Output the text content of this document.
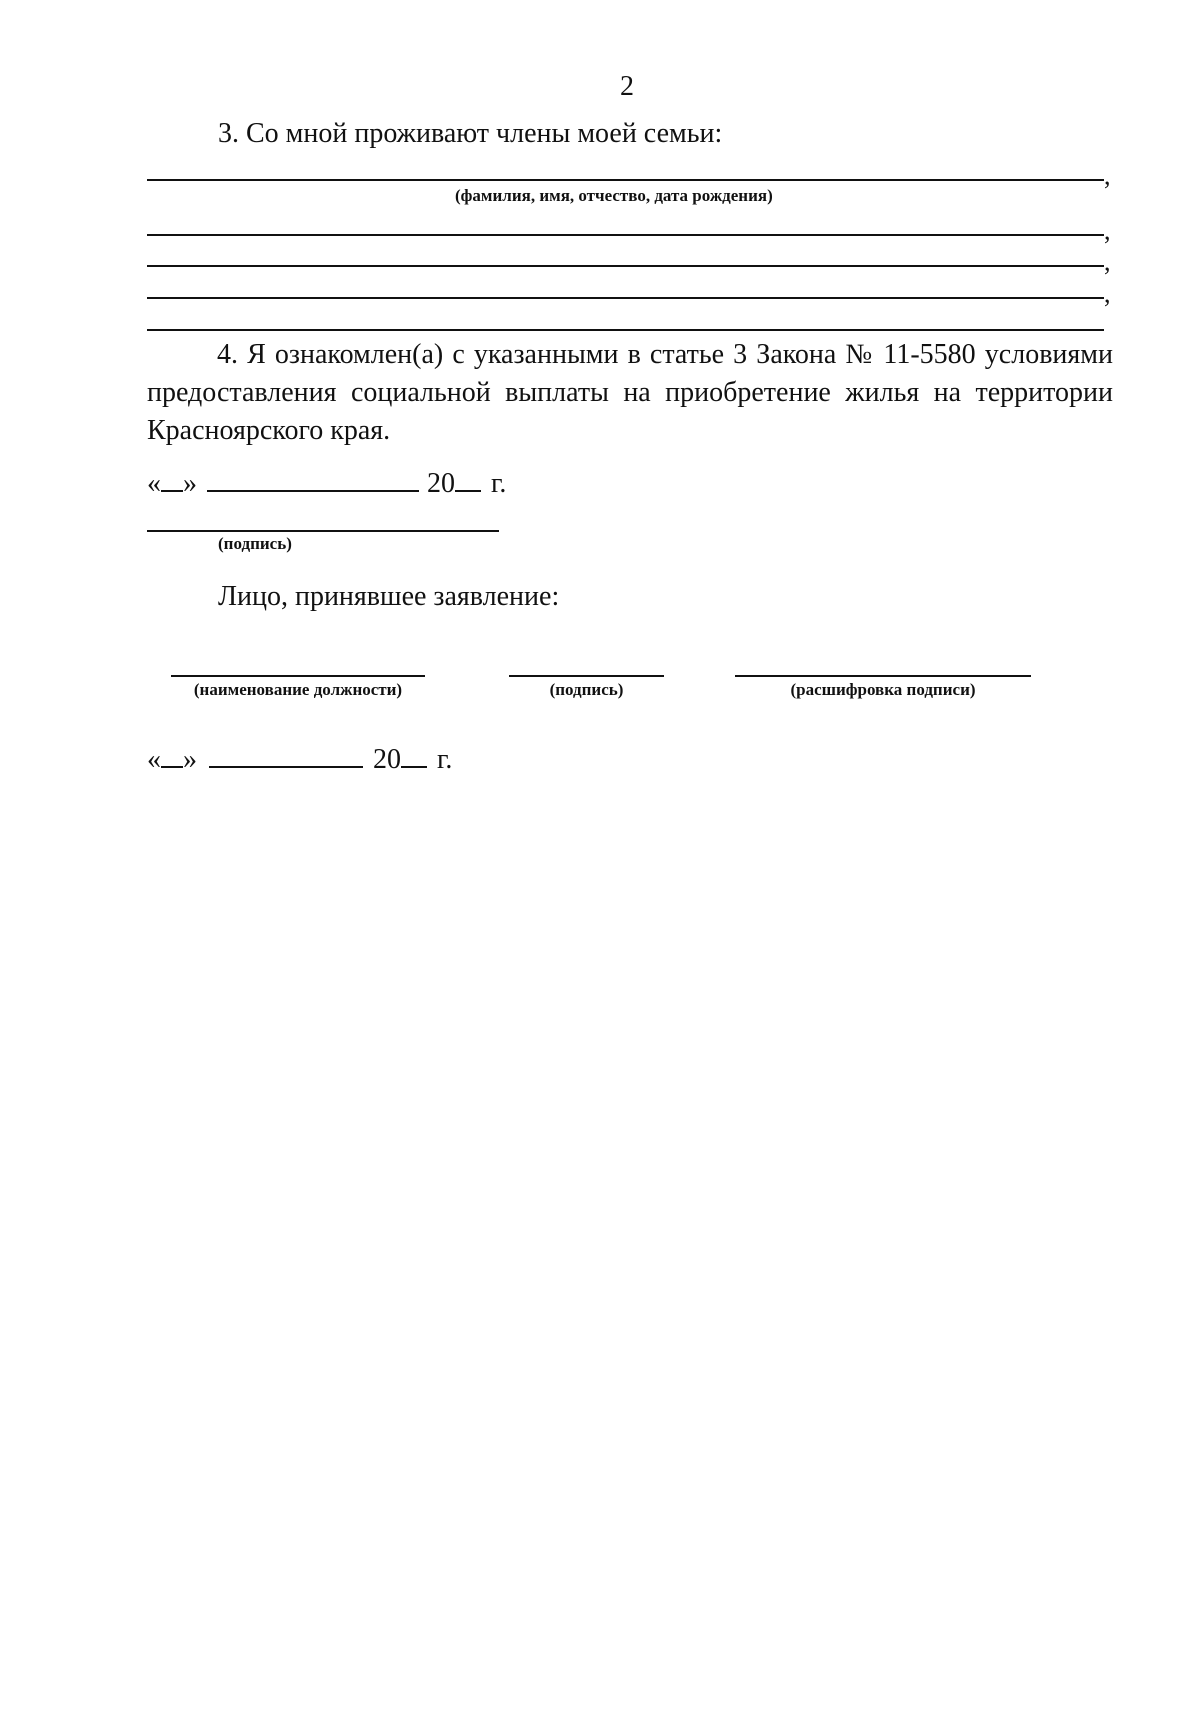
2
3. Со мной проживают члены моей семьи:
,
(фамилия, имя, отчество, дата рождения)
,
,
,

4. Я ознакомлен(а) с указанными в статье 3 Закона № 11-5580 условиями предоставления социальной выплаты на приобретение жилья на территории Красноярского края.

« »	20 г.
(подпись)
Лицо, принявшее заявление:
(наименование должности)	(подпись)	(расшифровка подписи)
« »	20 г.
